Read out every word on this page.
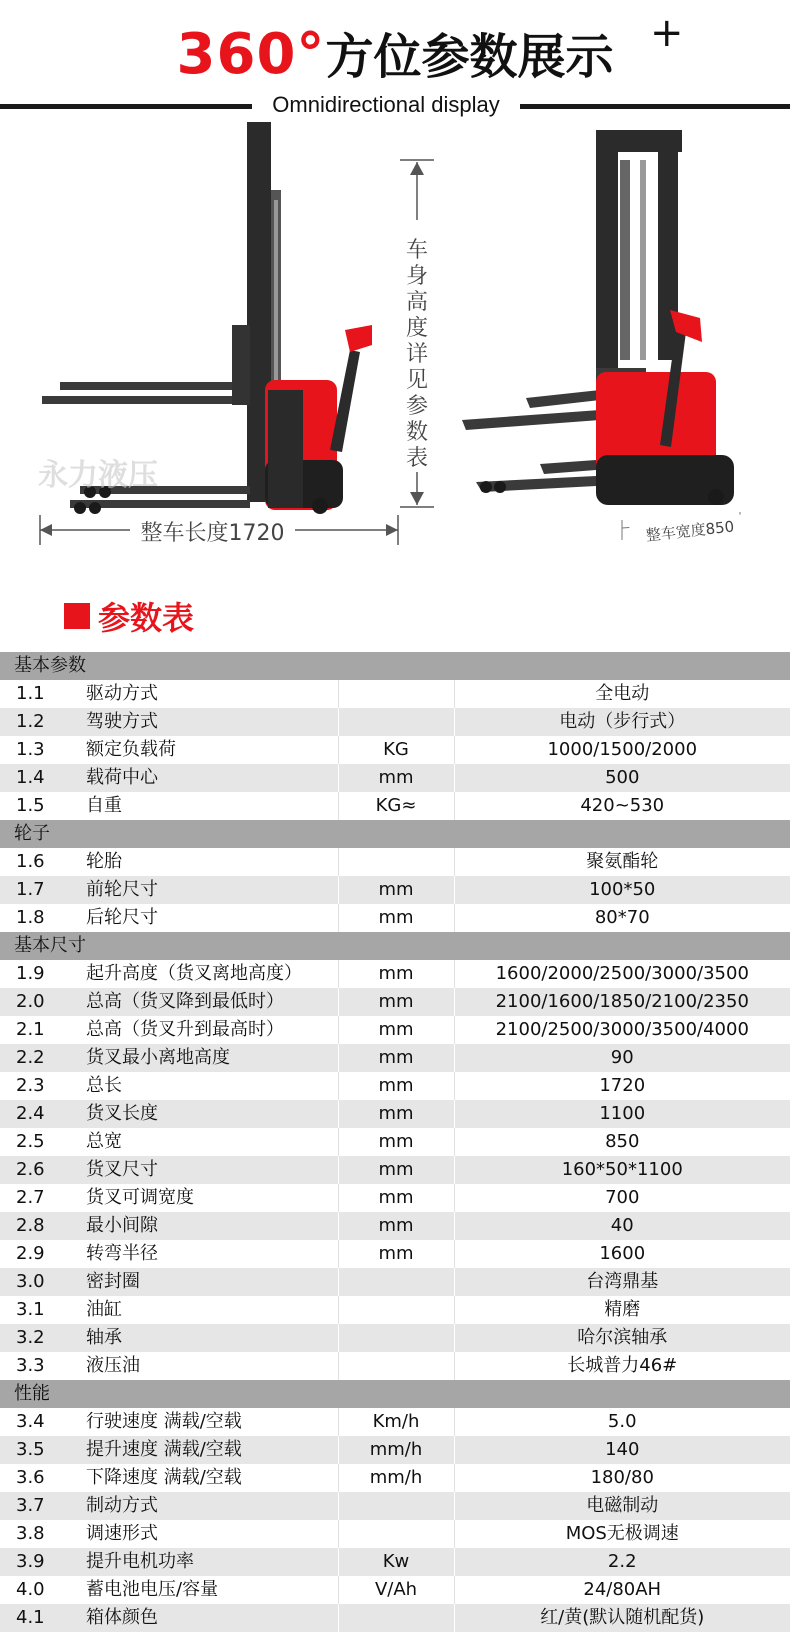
360°方位参数展示 +
Omnidirectional display
车身高度详见参数表
整车长度1720	整车宽度850
永力液压
参数表
基本参数			
1.1	驱动方式		全电动
1.2	驾驶方式		电动（步行式）
1.3	额定负载荷	KG	1000/1500/2000
1.4	载荷中心	mm	500
1.5	自重	KG≈	420~530
轮子			
1.6	轮胎		聚氨酯轮
1.7	前轮尺寸	mm	100*50
1.8	后轮尺寸	mm	80*70
基本尺寸			
1.9	起升高度（货叉离地高度）	mm	1600/2000/2500/3000/3500
2.0	总高（货叉降到最低时）	mm	2100/1600/1850/2100/2350
2.1	总高（货叉升到最高时）	mm	2100/2500/3000/3500/4000
2.2	货叉最小离地高度	mm	90
2.3	总长	mm	1720
2.4	货叉长度	mm	1100
2.5	总宽	mm	850
2.6	货叉尺寸	mm	160*50*1100
2.7	货叉可调宽度	mm	700
2.8	最小间隙	mm	40
2.9	转弯半径	mm	1600
3.0	密封圈		台湾鼎基
3.1	油缸		精磨
3.2	轴承		哈尔滨轴承
3.3	液压油		长城普力46#
性能			
3.4	行驶速度 满载/空载	Km/h	5.0
3.5	提升速度 满载/空载	mm/h	140
3.6	下降速度 满载/空载	mm/h	180/80
3.7	制动方式		电磁制动
3.8	调速形式		MOS无极调速
3.9	提升电机功率	Kw	2.2
4.0	蓄电池电压/容量	V/Ah	24/80AH
4.1	箱体颜色		红/黄(默认随机配货)
